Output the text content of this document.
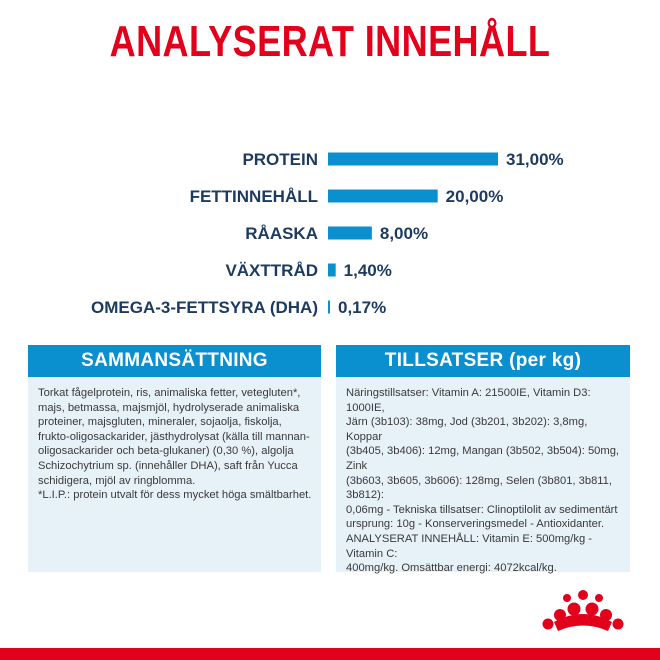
ANALYSERAT INNEHÅLL
PROTEIN	31,00%
FETTINNEHÅLL	20,00%
RÅASKA	8,00%
VÄXTTRÅD 1,40%
OMEGA-3-FETTSYRA (DHA) 0,17%
SAMMANSÄTTNING
Torkat fågelprotein, ris, animaliska fetter, vetegluten*,
majs, betmassa, majsmjöl, hydrolyserade animaliska
proteiner, majsgluten, mineraler, sojaolja, fiskolja,
frukto-oligosackarider, jästhydrolysat (källa till mannan-
oligosackarider och beta-glukaner) (0,30 %), algolja
Schizochytrium sp. (innehåller DHA), saft från Yucca
schidigera, mjöl av ringblomma.
*L.I.P.: protein utvalt för dess mycket höga smältbarhet.
TILLSATSER (per kg)
Näringstillsatser: Vitamin A: 21500IE, Vitamin D3: 1000IE,
Järn (3b103): 38mg, Jod (3b201, 3b202): 3,8mg, Koppar
(3b405, 3b406): 12mg, Mangan (3b502, 3b504): 50mg, Zink
(3b603, 3b605, 3b606): 128mg, Selen (3b801, 3b811, 3b812):
0,06mg - Tekniska tillsatser: Clinoptilolit av sedimentärt
ursprung: 10g - Konserveringsmedel - Antioxidanter.
ANALYSERAT INNEHÅLL: Vitamin E: 500mg/kg - Vitamin C:
400mg/kg. Omsättbar energi: 4072kcal/kg.
